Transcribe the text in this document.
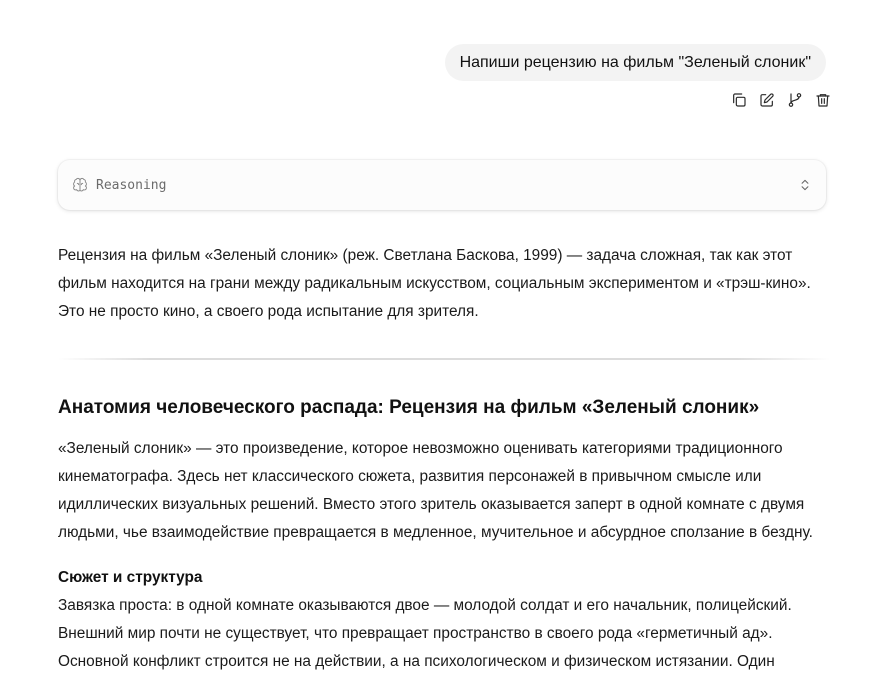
Напиши рецензию на фильм "Зеленый слоник"
Reasoning

Рецензия на фильм «Зеленый слоник» (реж. Светлана Баскова, 1999) — задача сложная, так как этот фильм находится на грани между радикальным искусством, социальным экспериментом и «трэш-кино». Это не просто кино, а своего рода испытание для зрителя.

Анатомия человеческого распада: Рецензия на фильм «Зеленый слоник»

«Зеленый слоник» — это произведение, которое невозможно оценивать категориями традиционного кинематографа. Здесь нет классического сюжета, развития персонажей в привычном смысле или идиллических визуальных решений. Вместо этого зритель оказывается заперт в одной комнате с двумя людьми, чье взаимодействие превращается в медленное, мучительное и абсурдное сползание в бездну.

Сюжет и структура

Завязка проста: в одной комнате оказываются двое — молодой солдат и его начальник, полицейский. Внешний мир почти не существует, что превращает пространство в своего рода «герметичный ад». Основной конфликт строится не на действии, а на психологическом и физическом истязании. Один
